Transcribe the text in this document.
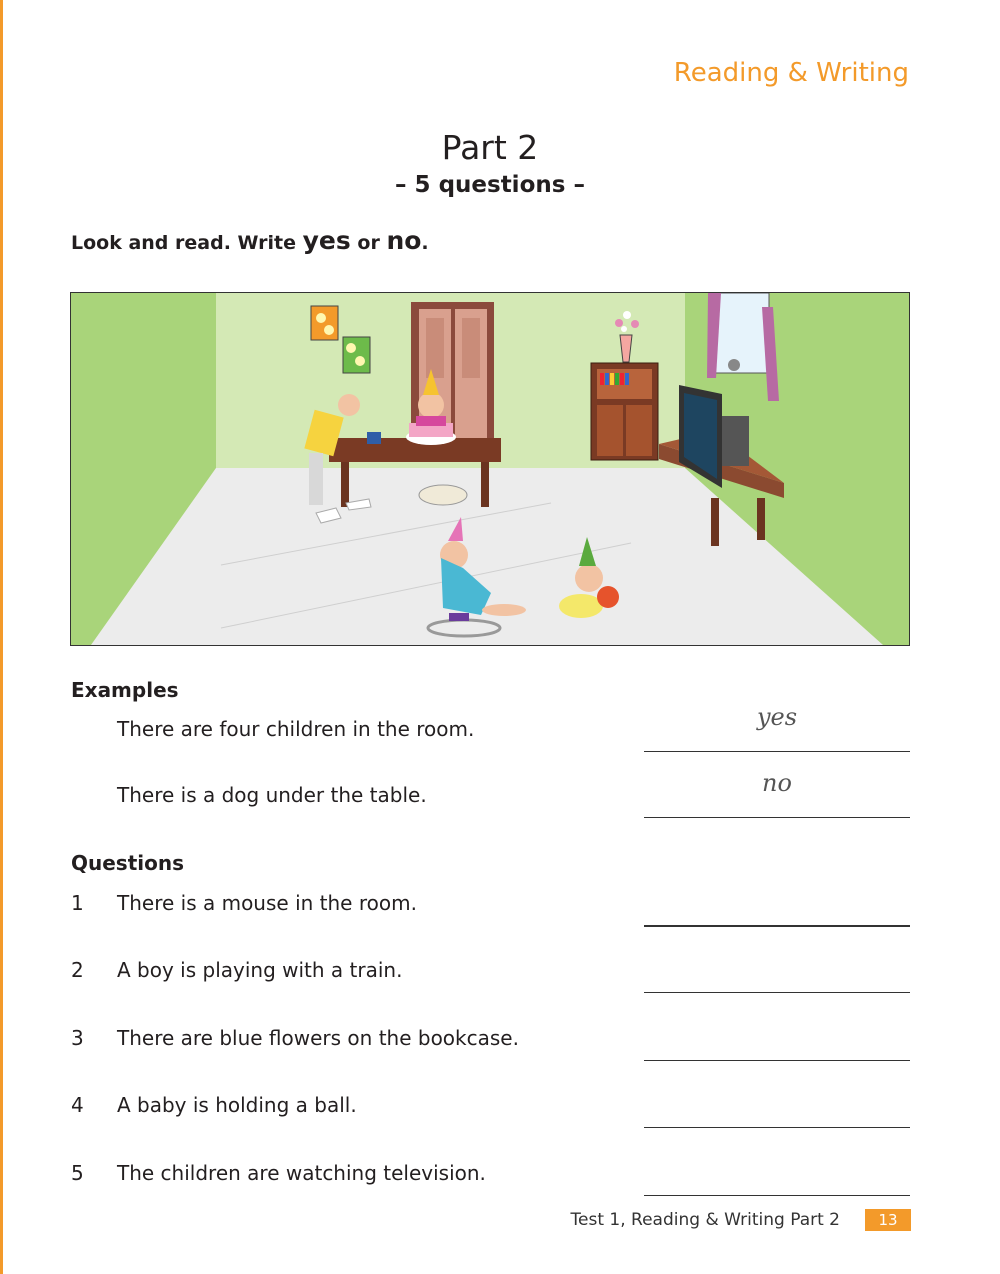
Reading & Writing
Part 2
– 5 questions –
Look and read. Write yes or no.
Examples
There are four children in the room.	yes
There is a dog under the table.	no
Questions
1 There is a mouse in the room.
2 A boy is playing with a train.
3 There are blue flowers on the bookcase.
4 A baby is holding a ball.
5 The children are watching television.
Test 1, Reading & Writing Part 2	13
